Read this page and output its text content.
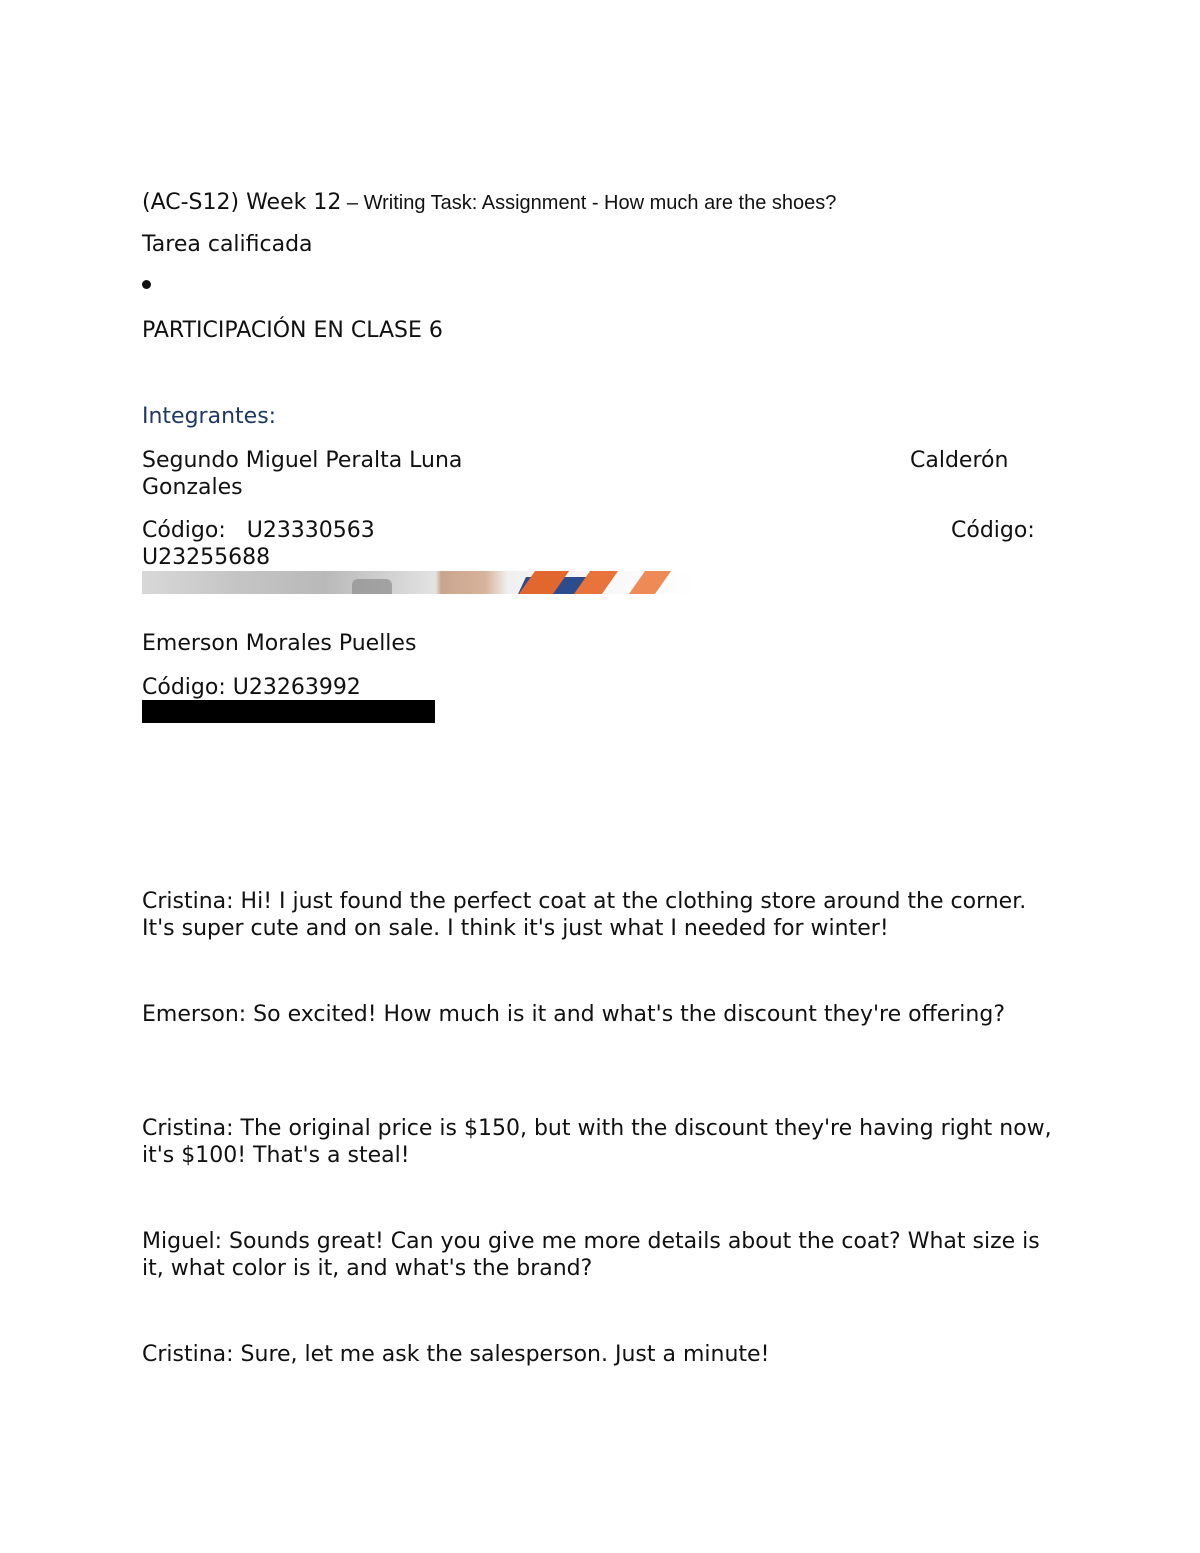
(AC-S12) Week 12 – Writing Task: Assignment - How much are the shoes?
Tarea calificada
PARTICIPACIÓN EN CLASE 6
Integrantes:
Segundo Miguel Peralta Luna	Calderón
Gonzales
Código:   U23330563	Código:
U23255688
Emerson Morales Puelles
Código: U23263992
Cristina: Hi! I just found the perfect coat at the clothing store around the corner. It's super cute and on sale. I think it's just what I needed for winter!
Emerson: So excited! How much is it and what's the discount they're offering?
Cristina: The original price is $150, but with the discount they're having right now, it's $100! That's a steal!
Miguel: Sounds great! Can you give me more details about the coat? What size is it, what color is it, and what's the brand?
Cristina: Sure, let me ask the salesperson. Just a minute!
